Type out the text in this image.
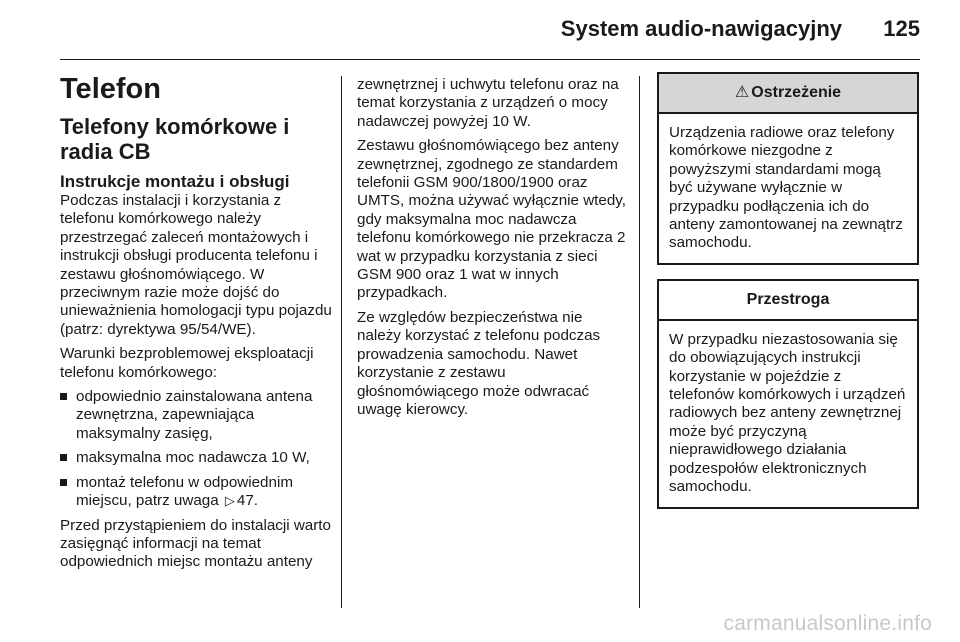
System audio-nawigacyjny 125
Telefon
Telefony komórkowe i radia CB
Instrukcje montażu i obsługi

Podczas instalacji i korzystania z telefonu komórkowego należy przestrzegać zaleceń montażowych i instrukcji obsługi producenta telefonu i zestawu głośnomówiącego. W przeciwnym razie może dojść do unieważnienia homologacji typu pojazdu (patrz: dyrektywa 95/54/WE).

Warunki bezproblemowej eksploatacji telefonu komórkowego:

odpowiednio zainstalowana antena zewnętrzna, zapewniająca maksymalny zasięg,
maksymalna moc nadawcza 10 W,
montaż telefonu w odpowiednim miejscu, patrz uwaga ▷ 47.

Przed przystąpieniem do instalacji warto zasięgnąć informacji na temat odpowiednich miejsc montażu anteny

zewnętrznej i uchwytu telefonu oraz na temat korzystania z urządzeń o mocy nadawczej powyżej 10 W.

Zestawu głośnomówiącego bez anteny zewnętrznej, zgodnego ze standardem telefonii GSM 900/1800/1900 oraz UMTS, można używać wyłącznie wtedy, gdy maksymalna moc nadawcza telefonu komórkowego nie przekracza 2 wat w przypadku korzystania z sieci GSM 900 oraz 1 wat w innych przypadkach.

Ze względów bezpieczeństwa nie należy korzystać z telefonu podczas prowadzenia samochodu. Nawet korzystanie z zestawu głośnomówiącego może odwracać uwagę kierowcy.

⚠ Ostrzeżenie
Urządzenia radiowe oraz telefony komórkowe niezgodne z powyższymi standardami mogą być używane wyłącznie w przypadku podłączenia ich do anteny zamontowanej na zewnątrz samochodu.
Przestroga
W przypadku niezastosowania się do obowiązujących instrukcji korzystanie w pojeździe z telefonów komórkowych i urządzeń radiowych bez anteny zewnętrznej może być przyczyną nieprawidłowego działania podzespołów elektronicznych samochodu.
carmanualsonline.info
